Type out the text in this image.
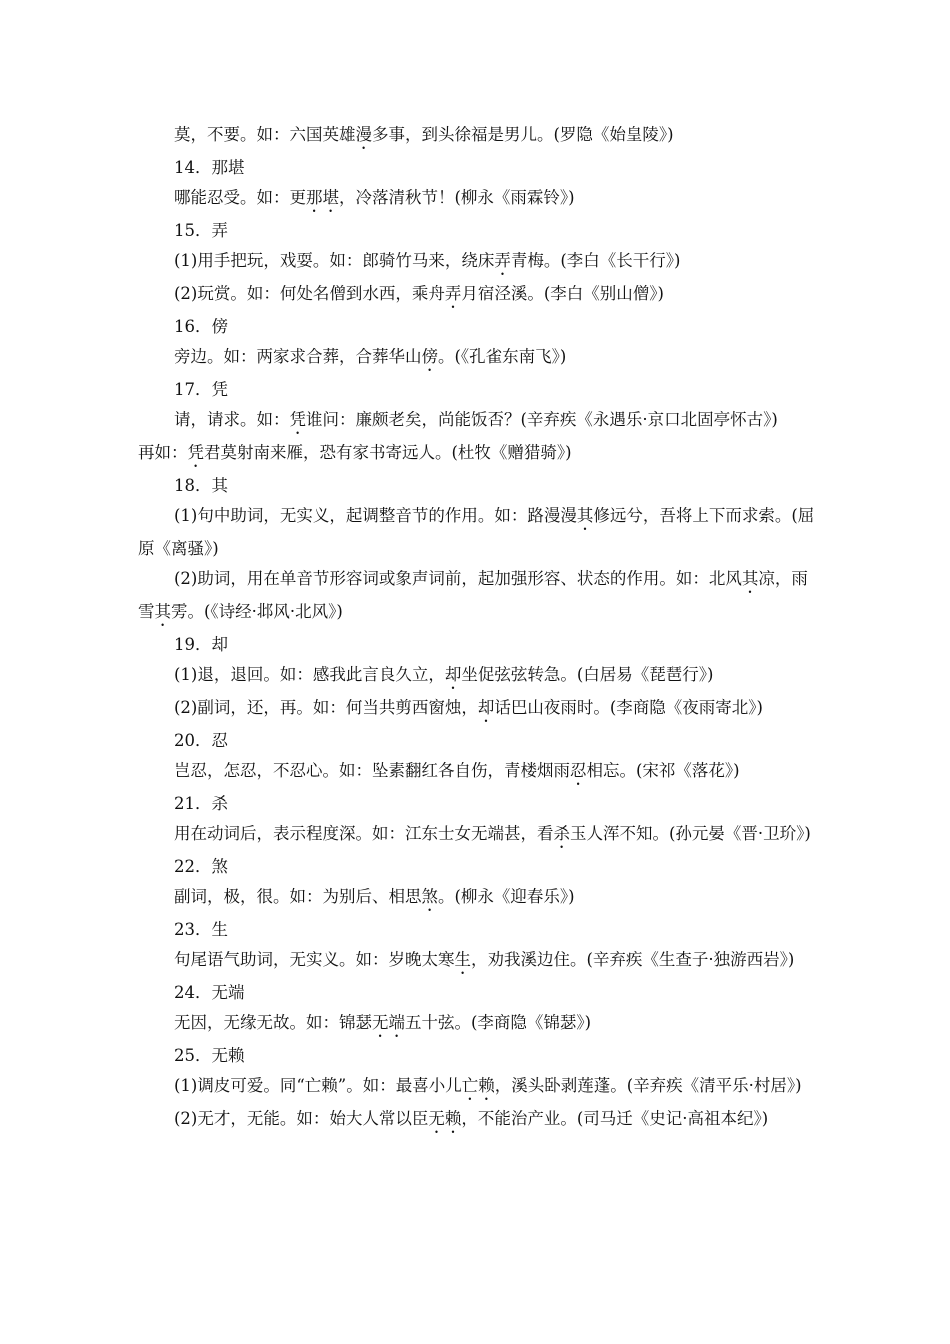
莫，不要。如：六国英雄漫多事，到头徐福是男儿。(罗隐《始皇陵》)
14．那堪
哪能忍受。如：更那堪，冷落清秋节！(柳永《雨霖铃》)
15．弄
(1)用手把玩，戏耍。如：郎骑竹马来，绕床弄青梅。(李白《长干行》)
(2)玩赏。如：何处名僧到水西，乘舟弄月宿泾溪。(李白《别山僧》)
16．傍
旁边。如：两家求合葬，合葬华山傍。(《孔雀东南飞》)
17．凭
请，请求。如：凭谁问：廉颇老矣，尚能饭否？(辛弃疾《永遇乐·京口北固亭怀古》)
再如：凭君莫射南来雁，恐有家书寄远人。(杜牧《赠猎骑》)
18．其
(1)句中助词，无实义，起调整音节的作用。如：路漫漫其修远兮，吾将上下而求索。(屈原《离骚》)
(2)助词，用在单音节形容词或象声词前，起加强形容、状态的作用。如：北风其凉，雨雪其雱。(《诗经·邶风·北风》)
19．却
(1)退，退回。如：感我此言良久立，却坐促弦弦转急。(白居易《琵琶行》)
(2)副词，还，再。如：何当共剪西窗烛，却话巴山夜雨时。(李商隐《夜雨寄北》)
20．忍
岂忍，怎忍，不忍心。如：坠素翻红各自伤，青楼烟雨忍相忘。(宋祁《落花》)
21．杀
用在动词后，表示程度深。如：江东士女无端甚，看杀玉人浑不知。(孙元晏《晋·卫玠》)
22．煞
副词，极，很。如：为别后、相思煞。(柳永《迎春乐》)
23．生
句尾语气助词，无实义。如：岁晚太寒生，劝我溪边住。(辛弃疾《生查子·独游西岩》)
24．无端
无因，无缘无故。如：锦瑟无端五十弦。(李商隐《锦瑟》)
25．无赖
(1)调皮可爱。同“亡赖”。如：最喜小儿亡赖，溪头卧剥莲蓬。(辛弃疾《清平乐·村居》)
(2)无才，无能。如：始大人常以臣无赖，不能治产业。(司马迁《史记·高祖本纪》)
